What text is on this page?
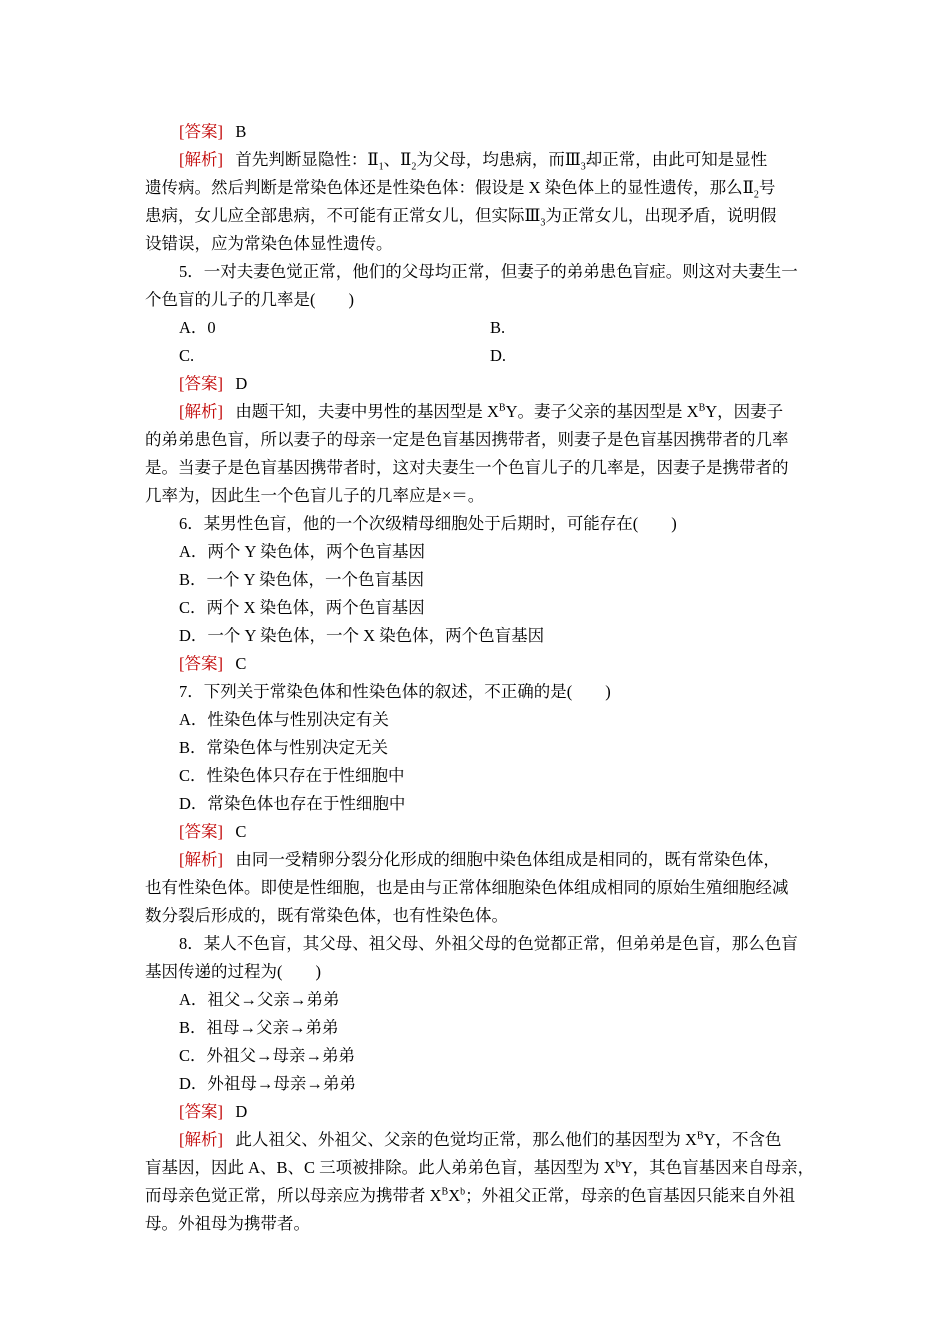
[答案] B
[解析] 首先判断显隐性：$Ⅱ_1$、$Ⅱ_2$为父母，均患病，而$Ⅲ_3$却正常，由此可知是显性
遗传病。然后判断是常染色体还是性染色体：假设是 X 染色体上的显性遗传，那么$Ⅱ_2$号
患病，女儿应全部患病，不可能有正常女儿，但实际$Ⅲ_3$为正常女儿，出现矛盾，说明假
设错误，应为常染色体显性遗传。
5．一对夫妻色觉正常，他们的父母均正常，但妻子的弟弟患色盲症。则这对夫妻生一
个色盲的儿子的几率是(　　)
A．0	B.
C.	D.
[答案] D
[解析] 由题干知，夫妻中男性的基因型是 $X^BY$。妻子父亲的基因型是 $X^BY$，因妻子
的弟弟患色盲，所以妻子的母亲一定是色盲基因携带者，则妻子是色盲基因携带者的几率
是。当妻子是色盲基因携带者时，这对夫妻生一个色盲儿子的几率是，因妻子是携带者的
几率为，因此生一个色盲儿子的几率应是×＝。
6．某男性色盲，他的一个次级精母细胞处于后期时，可能存在(　　)
A．两个 Y 染色体，两个色盲基因
B．一个 Y 染色体，一个色盲基因
C．两个 X 染色体，两个色盲基因
D．一个 Y 染色体，一个 X 染色体，两个色盲基因
[答案] C
7．下列关于常染色体和性染色体的叙述，不正确的是(　　)
A．性染色体与性别决定有关
B．常染色体与性别决定无关
C．性染色体只存在于性细胞中
D．常染色体也存在于性细胞中
[答案] C
[解析] 由同一受精卵分裂分化形成的细胞中染色体组成是相同的，既有常染色体，
也有性染色体。即使是性细胞，也是由与正常体细胞染色体组成相同的原始生殖细胞经减
数分裂后形成的，既有常染色体，也有性染色体。
8．某人不色盲，其父母、祖父母、外祖父母的色觉都正常，但弟弟是色盲，那么色盲
基因传递的过程为(　　)
A．祖父→父亲→弟弟
B．祖母→父亲→弟弟
C．外祖父→母亲→弟弟
D．外祖母→母亲→弟弟
[答案] D
[解析] 此人祖父、外祖父、父亲的色觉均正常，那么他们的基因型为 $X^BY$，不含色
盲基因，因此 A、B、C 三项被排除。此人弟弟色盲，基因型为 $X^bY$，其色盲基因来自母亲，
而母亲色觉正常，所以母亲应为携带者 $X^BX^b$；外祖父正常，母亲的色盲基因只能来自外祖
母。外祖母为携带者。
